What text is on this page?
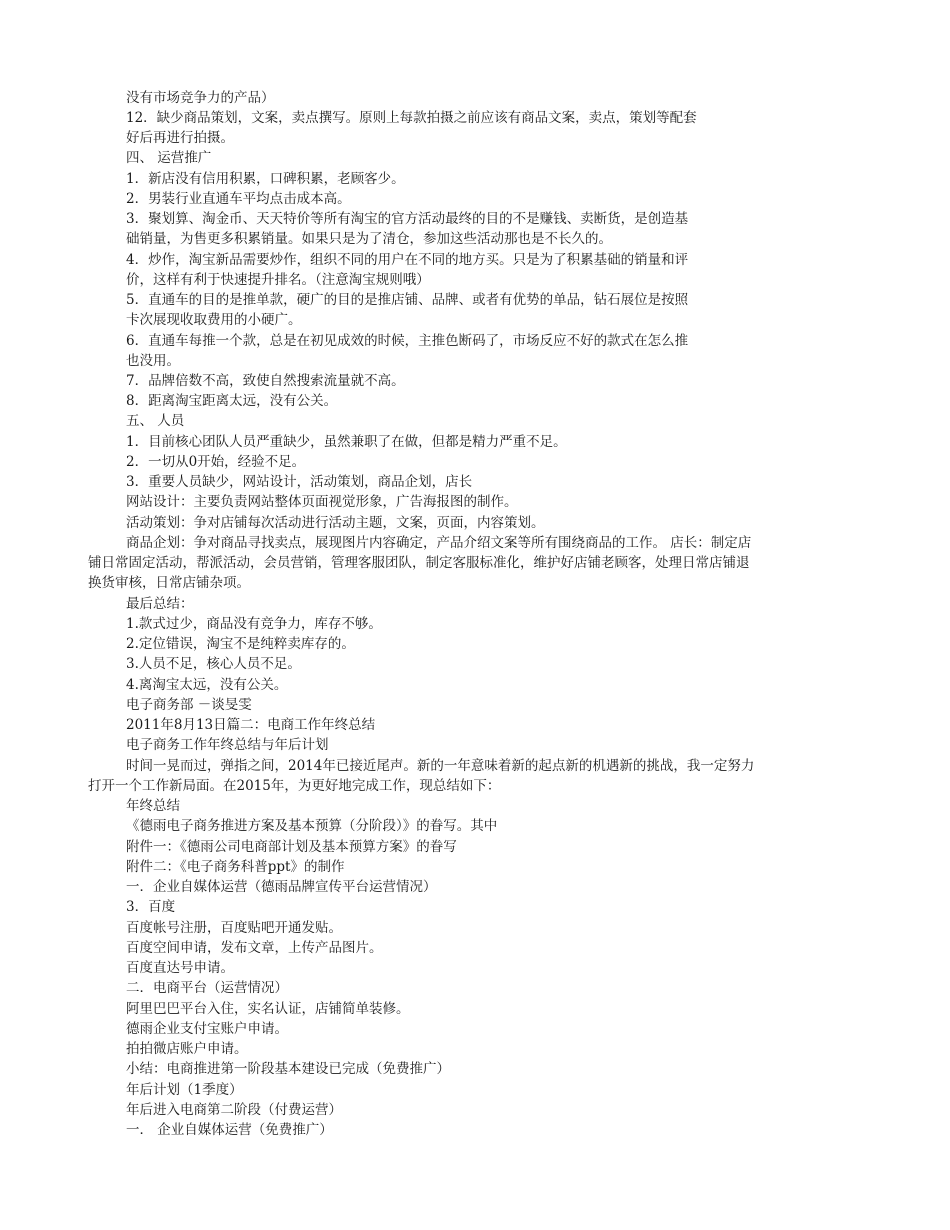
没有市场竞争力的产品）
12．缺少商品策划，文案，卖点撰写。原则上每款拍摄之前应该有商品文案，卖点，策划等配套
好后再进行拍摄。
四、 运营推广
1．新店没有信用积累，口碑积累，老顾客少。
2．男装行业直通车平均点击成本高。
3．聚划算、淘金币、天天特价等所有淘宝的官方活动最终的目的不是赚钱、卖断货，是创造基
础销量，为售更多积累销量。如果只是为了清仓，参加这些活动那也是不长久的。
4．炒作，淘宝新品需要炒作，组织不同的用户在不同的地方买。只是为了积累基础的销量和评
价，这样有利于快速提升排名。（注意淘宝规则哦）
5．直通车的目的是推单款，硬广的目的是推店铺、品牌、或者有优势的单品，钻石展位是按照
卡次展现收取费用的小硬广。
6．直通车每推一个款，总是在初见成效的时候，主推色断码了，市场反应不好的款式在怎么推
也没用。
7．品牌倍数不高，致使自然搜索流量就不高。
8．距离淘宝距离太远，没有公关。
五、 人员
1．目前核心团队人员严重缺少，虽然兼职了在做，但都是精力严重不足。
2．一切从0开始，经验不足。
3．重要人员缺少，网站设计，活动策划，商品企划，店长
网站设计：主要负责网站整体页面视觉形象，广告海报图的制作。
活动策划：争对店铺每次活动进行活动主题，文案，页面，内容策划。
商品企划：争对商品寻找卖点，展现图片内容确定，产品介绍文案等所有围绕商品的工作。 店长：制定店
铺日常固定活动，帮派活动，会员营销，管理客服团队，制定客服标准化，维护好店铺老顾客，处理日常店铺退
换货审核，日常店铺杂项。
最后总结：
1.款式过少，商品没有竞争力，库存不够。
2.定位错误，淘宝不是纯粹卖库存的。
3.人员不足，核心人员不足。
4.离淘宝太远，没有公关。
电子商务部 －谈旻雯
2011年8月13日篇二：电商工作年终总结
电子商务工作年终总结与年后计划
时间一晃而过，弹指之间，2014年已接近尾声。新的一年意味着新的起点新的机遇新的挑战，我一定努力
打开一个工作新局面。在2015年，为更好地完成工作，现总结如下：
年终总结
《德雨电子商务推进方案及基本预算（分阶段）》的眷写。其中
附件一：《德雨公司电商部计划及基本预算方案》的眷写
附件二：《电子商务科普ppt》的制作
一．企业自媒体运营（德雨品牌宣传平台运营情况）
3．百度
百度帐号注册，百度贴吧开通发贴。
百度空间申请，发布文章，上传产品图片。
百度直达号申请。
二．电商平台（运营情况）
阿里巴巴平台入住，实名认证，店铺简单装修。
德雨企业支付宝账户申请。
拍拍微店账户申请。
小结：电商推进第一阶段基本建设已完成（免费推广）
年后计划（1季度）
年后进入电商第二阶段（付费运营）
一． 企业自媒体运营（免费推广）
